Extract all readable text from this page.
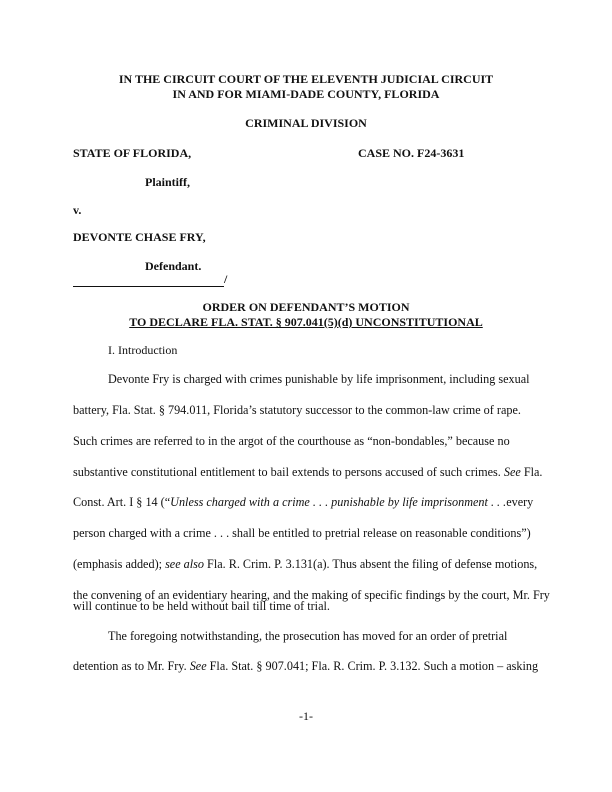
IN THE CIRCUIT COURT OF THE ELEVENTH JUDICIAL CIRCUIT
IN AND FOR MIAMI-DADE COUNTY, FLORIDA
CRIMINAL DIVISION
STATE OF FLORIDA,	CASE NO. F24-3631
Plaintiff,
v.
DEVONTE CHASE FRY,
Defendant.
/
ORDER ON DEFENDANT’S MOTION
TO DECLARE FLA. STAT. § 907.041(5)(d) UNCONSTITUTIONAL
I. Introduction
Devonte Fry is charged with crimes punishable by life imprisonment, including sexual
battery, Fla. Stat. § 794.011, Florida’s statutory successor to the common-law crime of rape.
Such crimes are referred to in the argot of the courthouse as “non-bondables,” because no
substantive constitutional entitlement to bail extends to persons accused of such crimes. See Fla.
Const. Art. I § 14 (“Unless charged with a crime . . . punishable by life imprisonment . . .every
person charged with a crime . . . shall be entitled to pretrial release on reasonable conditions”)
(emphasis added); see also Fla. R. Crim. P. 3.131(a). Thus absent the filing of defense motions,
the convening of an evidentiary hearing, and the making of specific findings by the court, Mr. Fry
will continue to be held without bail till time of trial.
The foregoing notwithstanding, the prosecution has moved for an order of pretrial
detention as to Mr. Fry. See Fla. Stat. § 907.041; Fla. R. Crim. P. 3.132. Such a motion – asking
-1-
